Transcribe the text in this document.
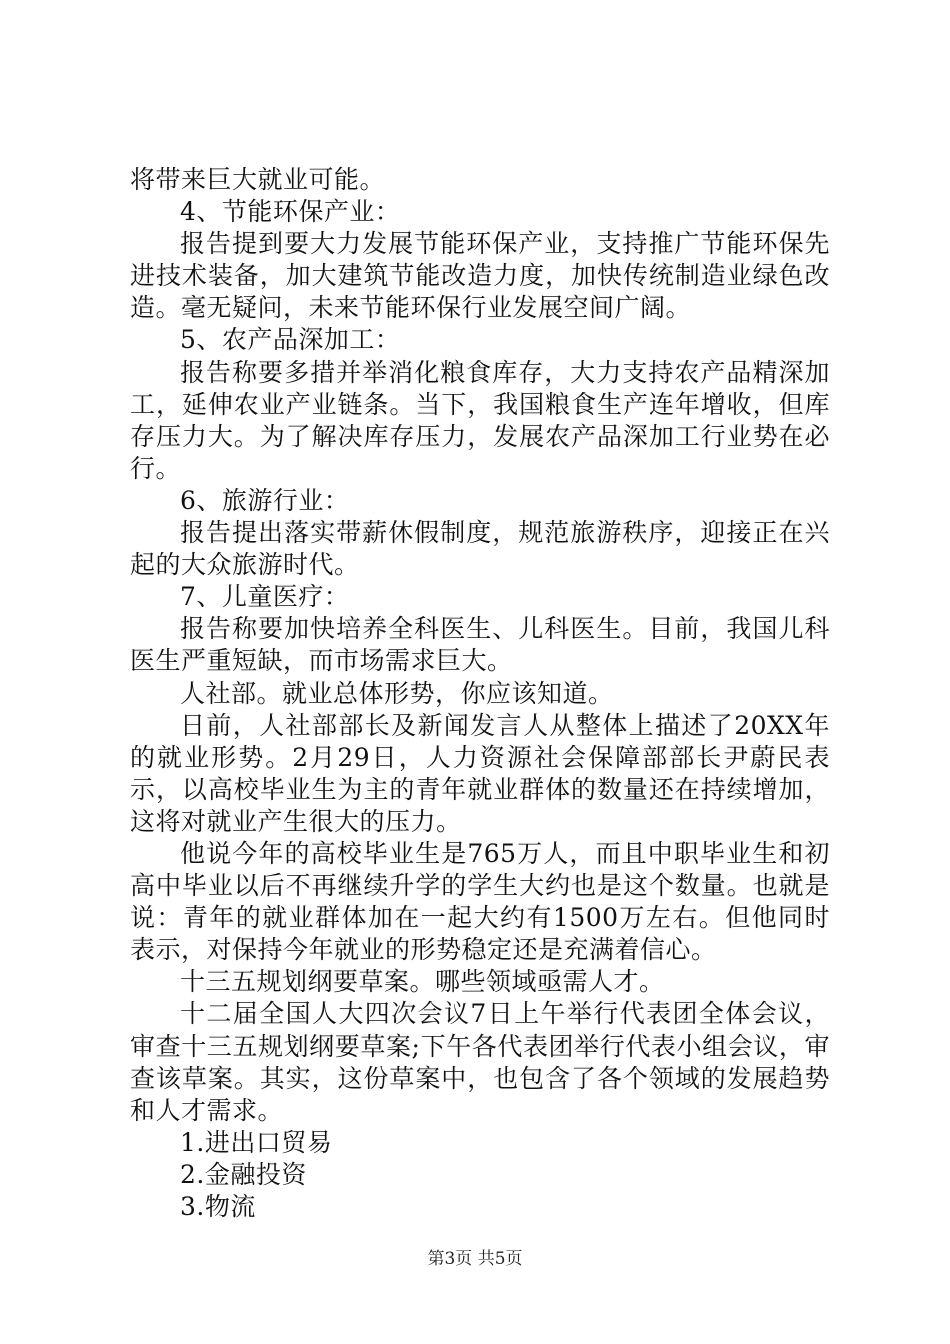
将带来巨大就业可能。

4、节能环保产业：

报告提到要大力发展节能环保产业，支持推广节能环保先进技术装备，加大建筑节能改造力度，加快传统制造业绿色改造。毫无疑问，未来节能环保行业发展空间广阔。

5、农产品深加工：

报告称要多措并举消化粮食库存，大力支持农产品精深加工，延伸农业产业链条。当下，我国粮食生产连年增收，但库存压力大。为了解决库存压力，发展农产品深加工行业势在必行。

6、旅游行业：

报告提出落实带薪休假制度，规范旅游秩序，迎接正在兴起的大众旅游时代。

7、儿童医疗：

报告称要加快培养全科医生、儿科医生。目前，我国儿科医生严重短缺，而市场需求巨大。

人社部。就业总体形势，你应该知道。

日前，人社部部长及新闻发言人从整体上描述了20XX年的就业形势。2月29日，人力资源社会保障部部长尹蔚民表示，以高校毕业生为主的青年就业群体的数量还在持续增加，这将对就业产生很大的压力。

他说今年的高校毕业生是765万人，而且中职毕业生和初高中毕业以后不再继续升学的学生大约也是这个数量。也就是说：青年的就业群体加在一起大约有1500万左右。但他同时表示，对保持今年就业的形势稳定还是充满着信心。

十三五规划纲要草案。哪些领域亟需人才。

十二届全国人大四次会议7日上午举行代表团全体会议，审查十三五规划纲要草案;下午各代表团举行代表小组会议，审查该草案。其实，这份草案中，也包含了各个领域的发展趋势和人才需求。

1.进出口贸易

2.金融投资

3.物流

第3页 共5页
